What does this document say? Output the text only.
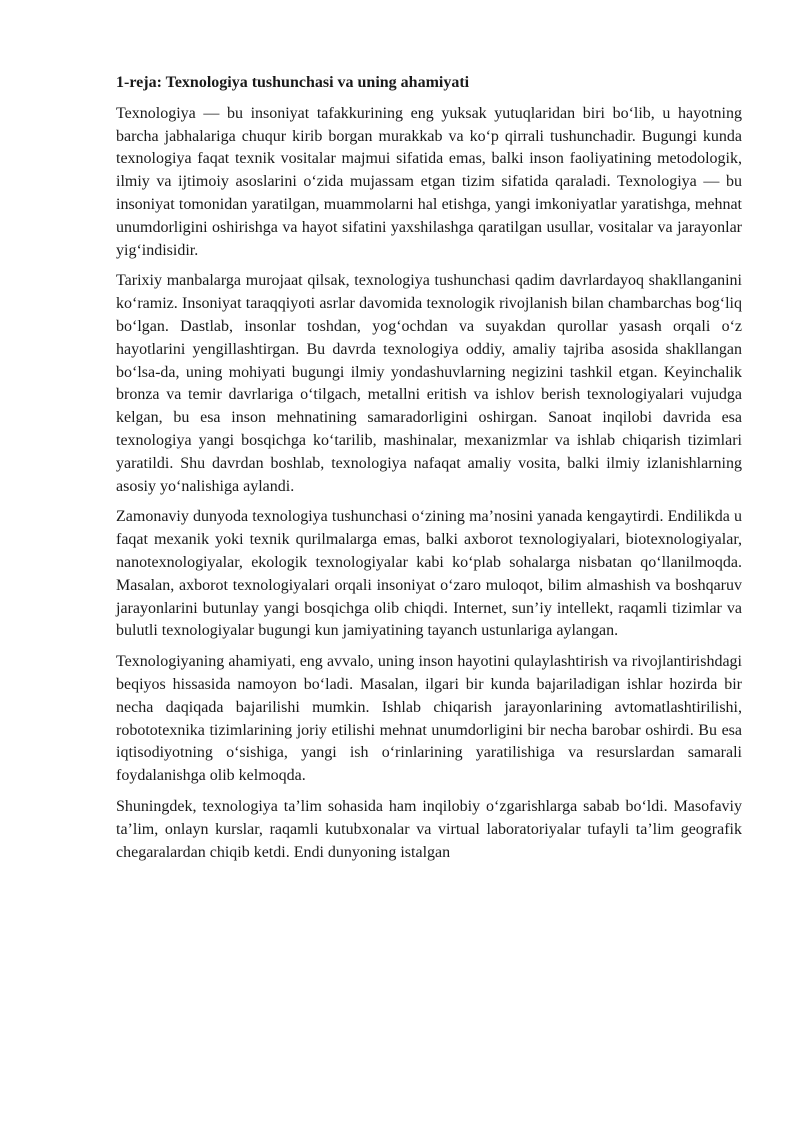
1-reja: Texnologiya tushunchasi va uning ahamiyati

Texnologiya — bu insoniyat tafakkurining eng yuksak yutuqlaridan biri bo‘lib, u hayotning barcha jabhalariga chuqur kirib borgan murakkab va ko‘p qirrali tushunchadir. Bugungi kunda texnologiya faqat texnik vositalar majmui sifatida emas, balki inson faoliyatining metodologik, ilmiy va ijtimoiy asoslarini o‘zida mujassam etgan tizim sifatida qaraladi. Texnologiya — bu insoniyat tomonidan yaratilgan, muammolarni hal etishga, yangi imkoniyatlar yaratishga, mehnat unumdorligini oshirishga va hayot sifatini yaxshilashga qaratilgan usullar, vositalar va jarayonlar yig‘indisidir.

Tarixiy manbalarga murojaat qilsak, texnologiya tushunchasi qadim davrlardayoq shakllanganini ko‘ramiz. Insoniyat taraqqiyoti asrlar davomida texnologik rivojlanish bilan chambarchas bog‘liq bo‘lgan. Dastlab, insonlar toshdan, yog‘ochdan va suyakdan qurollar yasash orqali o‘z hayotlarini yengillashtirgan. Bu davrda texnologiya oddiy, amaliy tajriba asosida shakllangan bo‘lsa-da, uning mohiyati bugungi ilmiy yondashuvlarning negizini tashkil etgan. Keyinchalik bronza va temir davrlariga o‘tilgach, metallni eritish va ishlov berish texnologiyalari vujudga kelgan, bu esa inson mehnatining samaradorligini oshirgan. Sanoat inqilobi davrida esa texnologiya yangi bosqichga ko‘tarilib, mashinalar, mexanizmlar va ishlab chiqarish tizimlari yaratildi. Shu davrdan boshlab, texnologiya nafaqat amaliy vosita, balki ilmiy izlanishlarning asosiy yo‘nalishiga aylandi.

Zamonaviy dunyoda texnologiya tushunchasi o‘zining ma’nosini yanada kengaytirdi. Endilikda u faqat mexanik yoki texnik qurilmalarga emas, balki axborot texnologiyalari, biotexnologiyalar, nanotexnologiyalar, ekologik texnologiyalar kabi ko‘plab sohalarga nisbatan qo‘llanilmoqda. Masalan, axborot texnologiyalari orqali insoniyat o‘zaro muloqot, bilim almashish va boshqaruv jarayonlarini butunlay yangi bosqichga olib chiqdi. Internet, sun’iy intellekt, raqamli tizimlar va bulutli texnologiyalar bugungi kun jamiyatining tayanch ustunlariga aylangan.

Texnologiyaning ahamiyati, eng avvalo, uning inson hayotini qulaylashtirish va rivojlantirishdagi beqiyos hissasida namoyon bo‘ladi. Masalan, ilgari bir kunda bajariladigan ishlar hozirda bir necha daqiqada bajarilishi mumkin. Ishlab chiqarish jarayonlarining avtomatlashtirilishi, robototexnika tizimlarining joriy etilishi mehnat unumdorligini bir necha barobar oshirdi. Bu esa iqtisodiyotning o‘sishiga, yangi ish o‘rinlarining yaratilishiga va resurslardan samarali foydalanishga olib kelmoqda.

Shuningdek, texnologiya ta’lim sohasida ham inqilobiy o‘zgarishlarga sabab bo‘ldi. Masofaviy ta’lim, onlayn kurslar, raqamli kutubxonalar va virtual laboratoriyalar tufayli ta’lim geografik chegaralardan chiqib ketdi. Endi dunyoning istalgan
